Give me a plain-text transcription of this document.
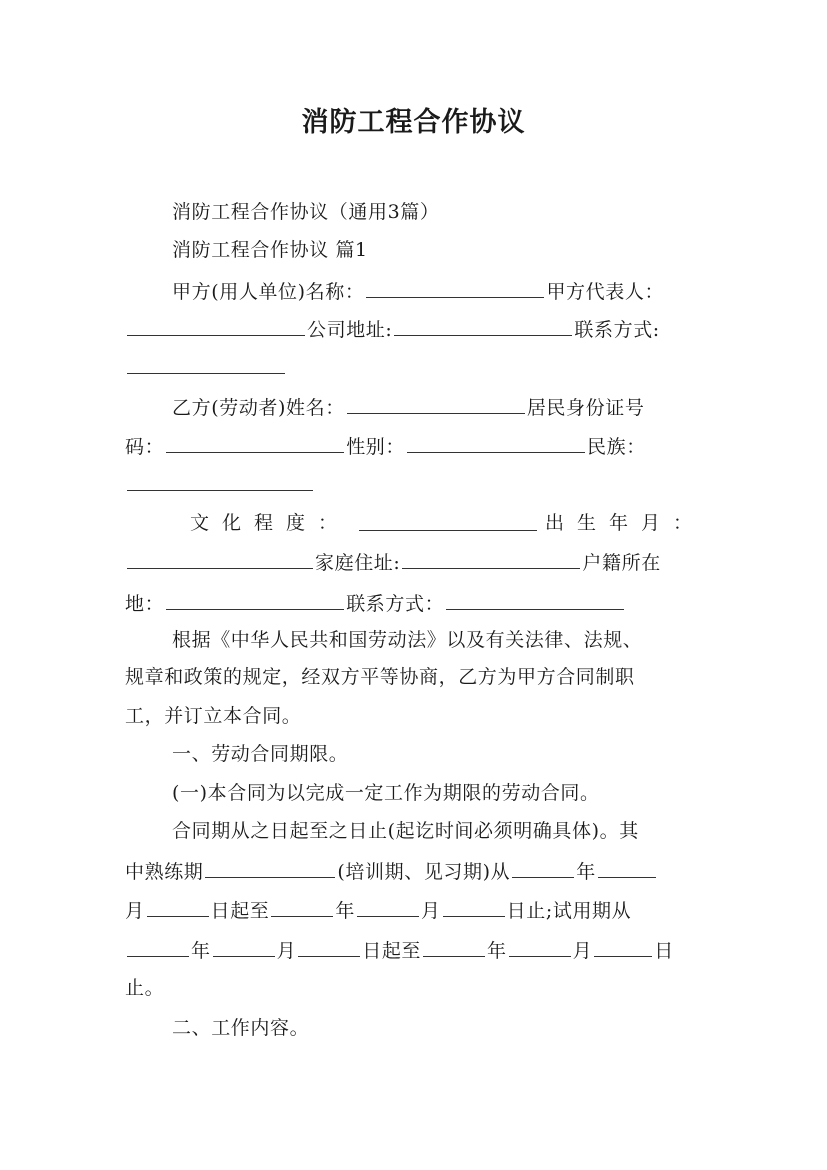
消防工程合作协议
消防工程合作协议（通用3篇）
消防工程合作协议 篇1
甲方(用人单位)名称：	甲方代表人：
公司地址:	联系方式:
乙方(劳动者)姓名：	居民身份证号
码：	性别：	民族：
文化程度：	出生年月：
家庭住址:	户籍所在
地：	联系方式：
根据《中华人民共和国劳动法》以及有关法律、法规、
规章和政策的规定，经双方平等协商，乙方为甲方合同制职
工，并订立本合同。
一、劳动合同期限。
(一)本合同为以完成一定工作为期限的劳动合同。
合同期从之日起至之日止(起讫时间必须明确具体)。其
中熟练期	(培训期、见习期)从	年
月	日起至	年	月	日止;试用期从
年	月	日起至	年	月	日
止。
二、工作内容。
